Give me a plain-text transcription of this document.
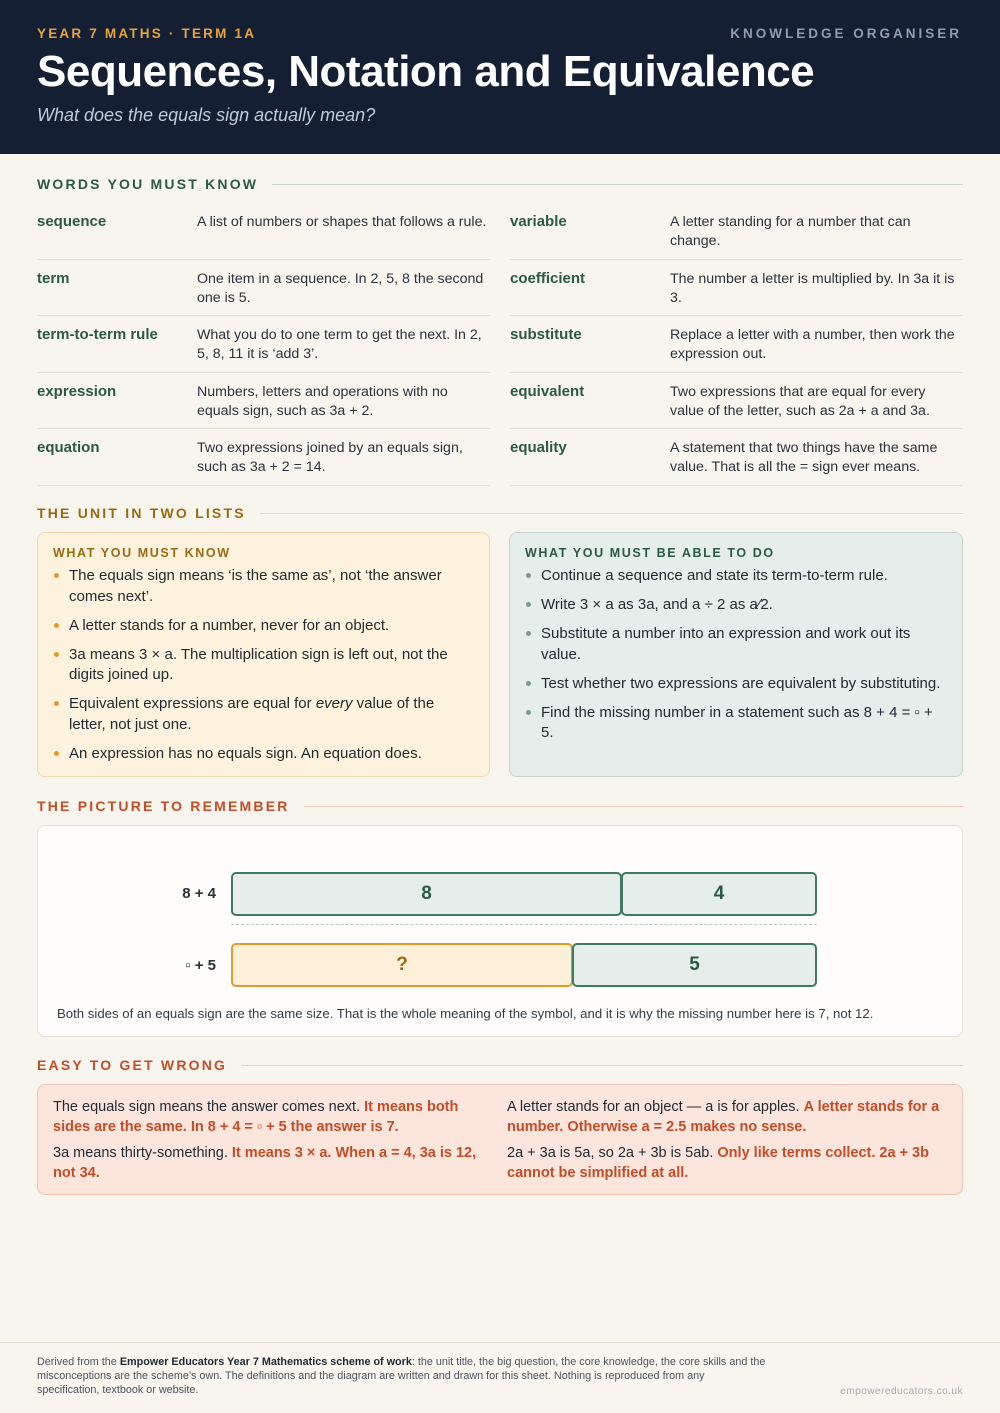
YEAR 7 MATHS · TERM 1A	KNOWLEDGE ORGANISER
Sequences, Notation and Equivalence
What does the equals sign actually mean?
WORDS YOU MUST KNOW
sequence	A list of numbers or shapes that follows a rule.
term	One item in a sequence. In 2, 5, 8 the second one is 5.
term-to-term rule	What you do to one term to get the next. In 2, 5, 8, 11 it is ‘add 3’.
expression	Numbers, letters and operations with no equals sign, such as 3a + 2.
equation	Two expressions joined by an equals sign, such as 3a + 2 = 14.
variable	A letter standing for a number that can change.
coefficient	The number a letter is multiplied by. In 3a it is 3.
substitute	Replace a letter with a number, then work the expression out.
equivalent	Two expressions that are equal for every value of the letter, such as 2a + a and 3a.
equality	A statement that two things have the same value. That is all the = sign ever means.
THE UNIT IN TWO LISTS
WHAT YOU MUST KNOW
The equals sign means ‘is the same as’, not ‘the answer comes next’.
A letter stands for a number, never for an object.
3a means 3 × a. The multiplication sign is left out, not the digits joined up.
Equivalent expressions are equal for every value of the letter, not just one.
An expression has no equals sign. An equation does.
WHAT YOU MUST BE ABLE TO DO
Continue a sequence and state its term-to-term rule.
Write 3 × a as 3a, and a ÷ 2 as a⁄2.
Substitute a number into an expression and work out its value.
Test whether two expressions are equivalent by substituting.
Find the missing number in a statement such as 8 + 4 = ▫ + 5.
THE PICTURE TO REMEMBER
8 + 4	8	4
▫ + 5	?	5
Both sides of an equals sign are the same size. That is the whole meaning of the symbol, and it is why the missing number here is 7, not 12.
EASY TO GET WRONG

The equals sign means the answer comes next. It means both sides are the same. In 8 + 4 = ▫ + 5 the answer is 7.

3a means thirty-something. It means 3 × a. When a = 4, 3a is 12, not 34.

A letter stands for an object — a is for apples. A letter stands for a number. Otherwise a = 2.5 makes no sense.

2a + 3a is 5a, so 2a + 3b is 5ab. Only like terms collect. 2a + 3b cannot be simplified at all.

Derived from the Empower Educators Year 7 Mathematics scheme of work: the unit title, the big question, the core knowledge, the core skills and the misconceptions are the scheme’s own. The definitions and the diagram are written and drawn for this sheet. Nothing is reproduced from any specification, textbook or website.	empowereducators.co.uk
